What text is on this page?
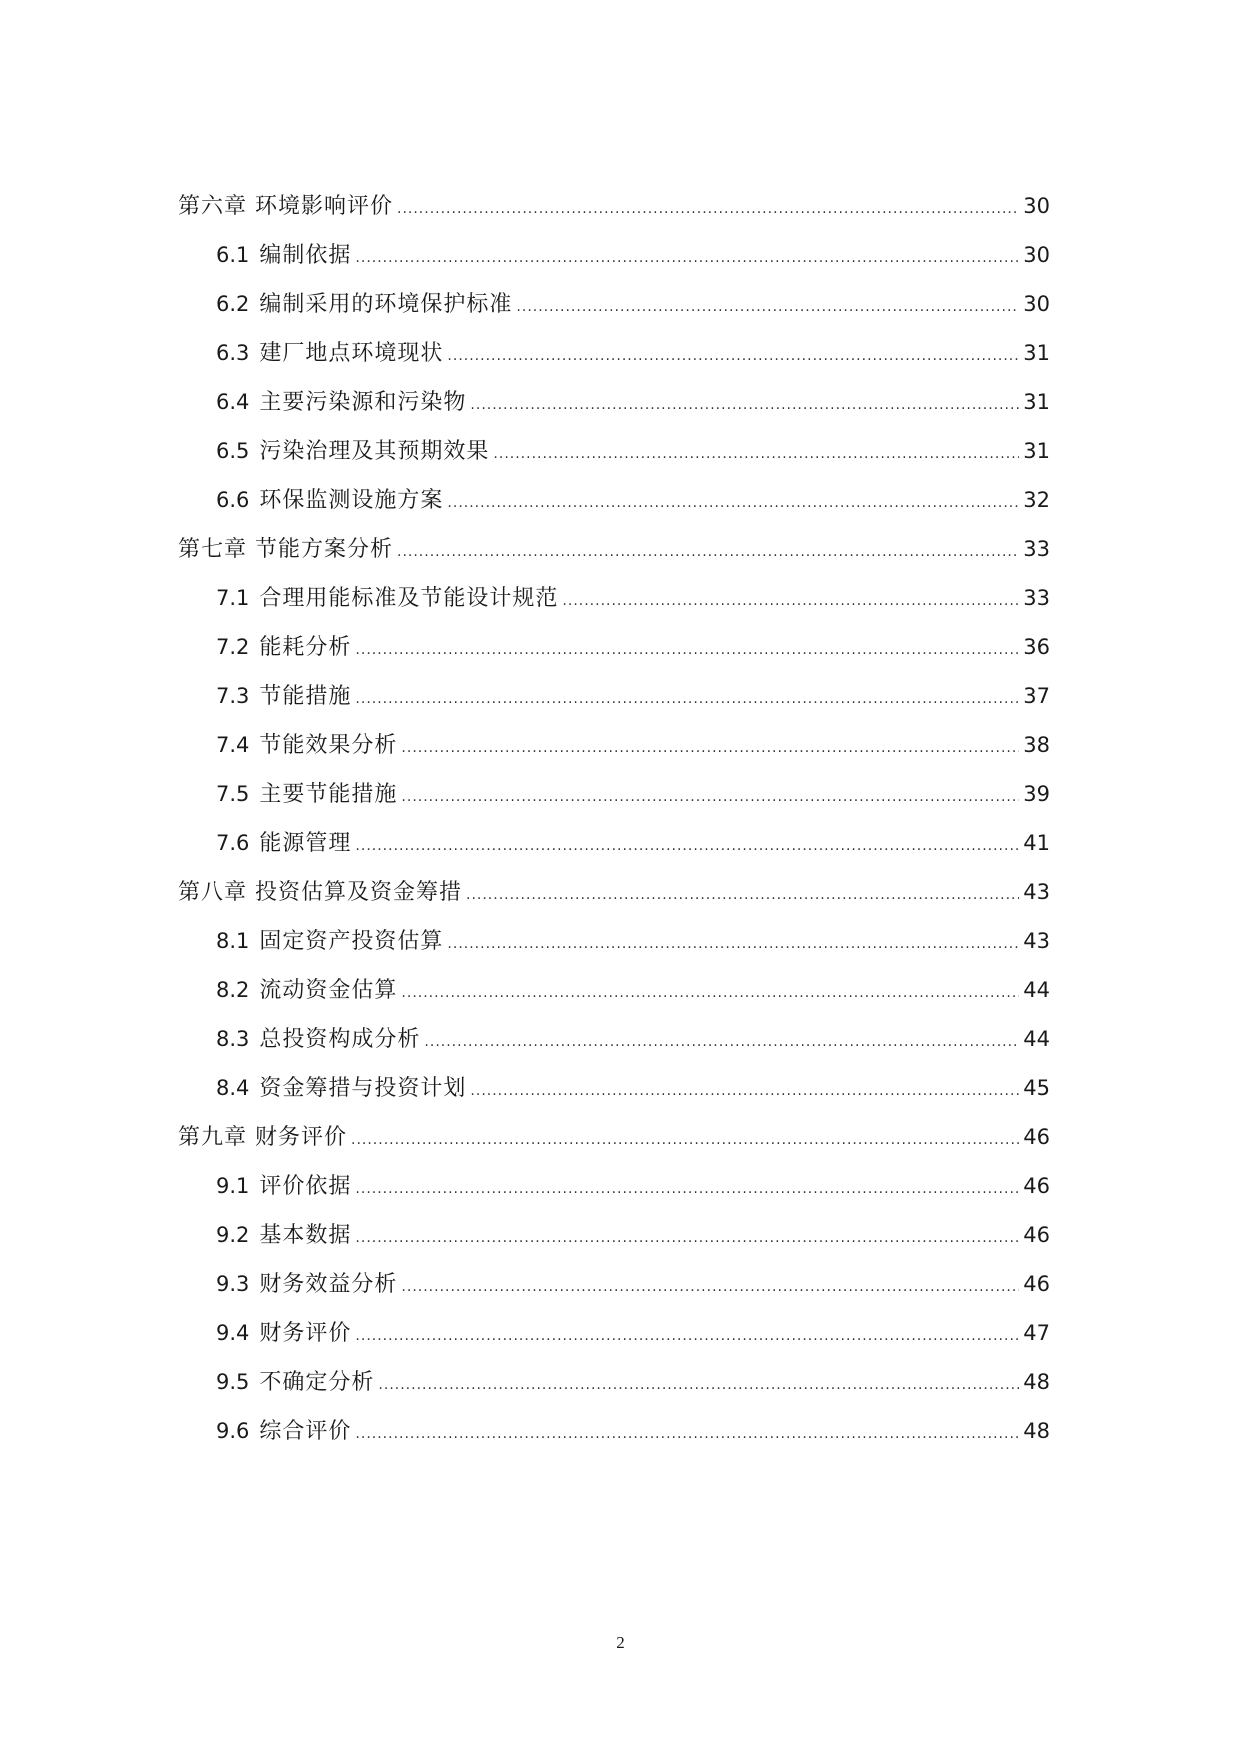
第六章 环境影响评价 .....	30
6.1 编制依据 .....	30
6.2 编制采用的环境保护标准 .....	30
6.3 建厂地点环境现状 .....	31
6.4 主要污染源和污染物 .....	31
6.5 污染治理及其预期效果 .....	31
6.6 环保监测设施方案 .....	32
第七章 节能方案分析 .....	33
7.1 合理用能标准及节能设计规范 .....	33
7.2 能耗分析 .....	36
7.3 节能措施 .....	37
7.4 节能效果分析 .....	38
7.5 主要节能措施 .....	39
7.6 能源管理 .....	41
第八章 投资估算及资金筹措 .....	43
8.1 固定资产投资估算 .....	43
8.2 流动资金估算 .....	44
8.3 总投资构成分析 .....	44
8.4 资金筹措与投资计划 .....	45
第九章 财务评价 .....	46
9.1 评价依据 .....	46
9.2 基本数据 .....	46
9.3 财务效益分析 .....	46
9.4 财务评价 .....	47
9.5 不确定分析 .....	48
9.6 综合评价 .....	48
2
